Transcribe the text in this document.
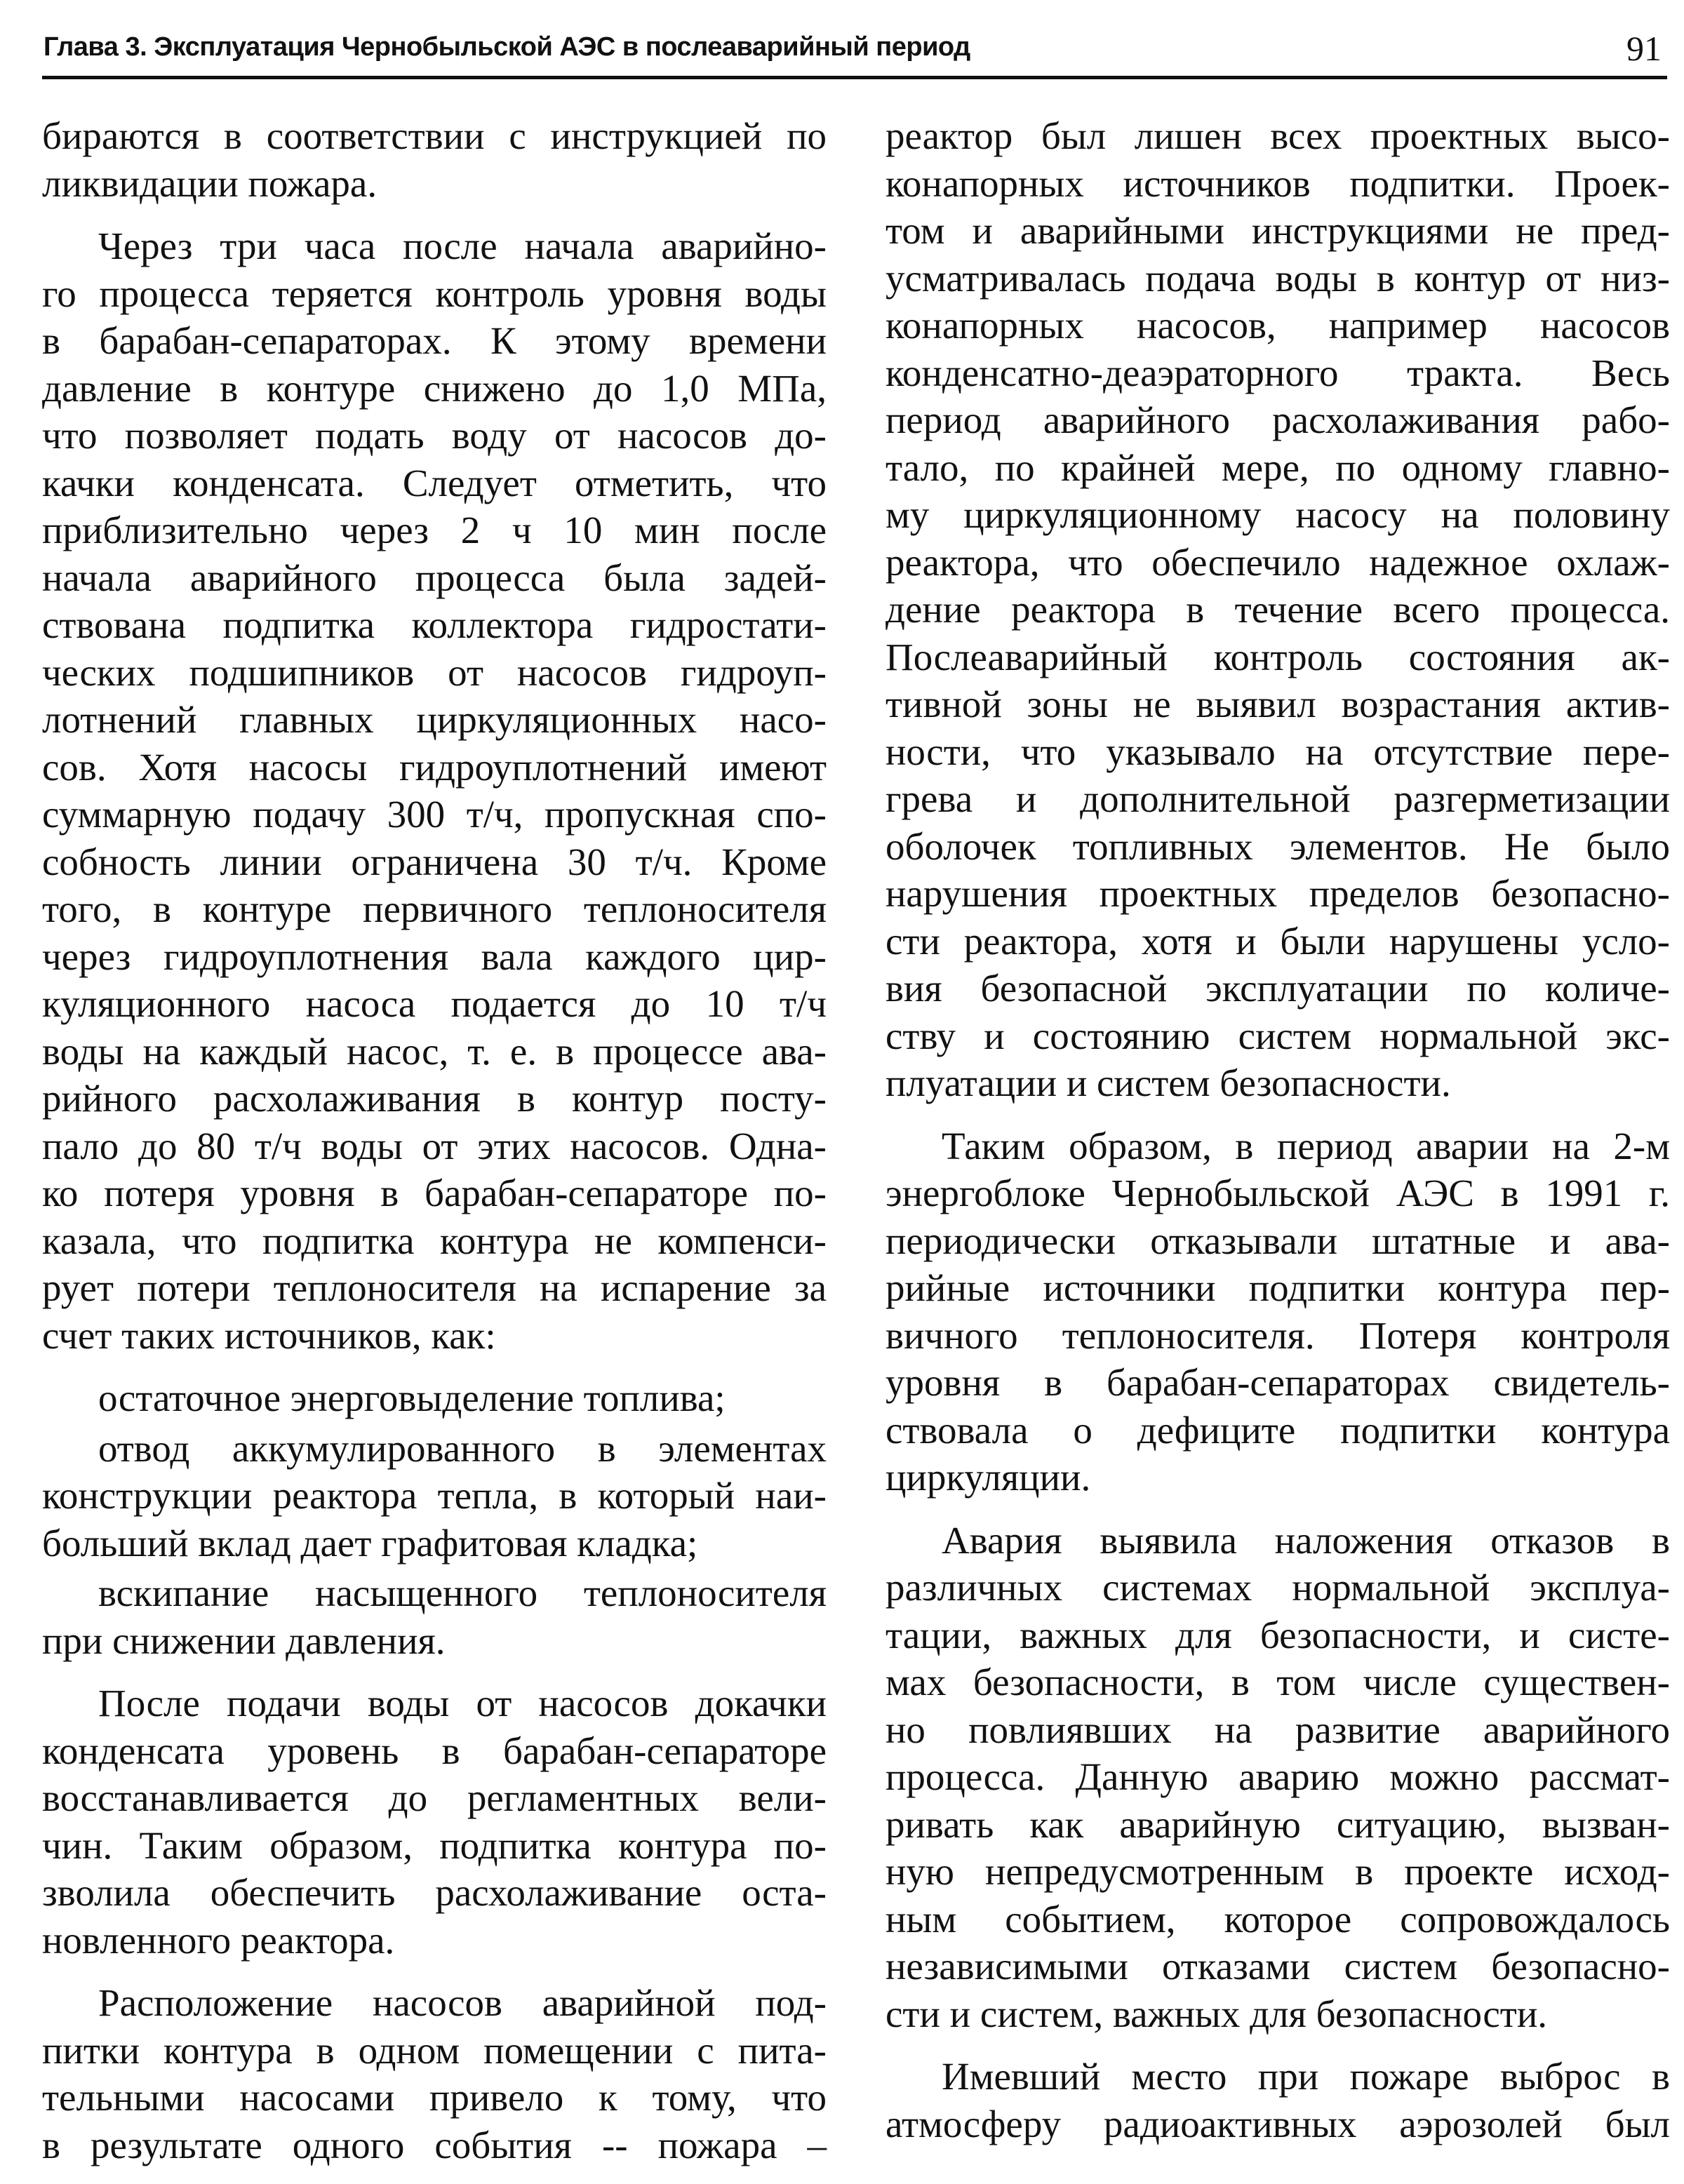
Глава 3. Эксплуатация Чернобыльской АЭС в послеаварийный период	91
бираются в соответствии с инструкцией по
ликвидации пожара.
Через три часа после начала аварийно-
го процесса теряется контроль уровня воды
в барабан-сепараторах. К этому времени
давление в контуре снижено до 1,0 МПа,
что позволяет подать воду от насосов до-
качки конденсата. Следует отметить, что
приблизительно через 2 ч 10 мин после
начала аварийного процесса была задей-
ствована подпитка коллектора гидростати-
ческих подшипников от насосов гидроуп-
лотнений главных циркуляционных насо-
сов. Хотя насосы гидроуплотнений имеют
суммарную подачу 300 т/ч, пропускная спо-
собность линии ограничена 30 т/ч. Кроме
того, в контуре первичного теплоносителя
через гидроуплотнения вала каждого цир-
куляционного насоса подается до 10 т/ч
воды на каждый насос, т. е. в процессе ава-
рийного расхолаживания в контур посту-
пало до 80 т/ч воды от этих насосов. Одна-
ко потеря уровня в барабан-сепараторе по-
казала, что подпитка контура не компенси-
рует потери теплоносителя на испарение за
счет таких источников, как:
остаточное энерговыделение топлива;
отвод аккумулированного в элементах
конструкции реактора тепла, в который наи-
больший вклад дает графитовая кладка;
вскипание насыщенного теплоносителя
при снижении давления.
После подачи воды от насосов докачки
конденсата уровень в барабан-сепараторе
восстанавливается до регламентных вели-
чин. Таким образом, подпитка контура по-
зволила обеспечить расхолаживание оста-
новленного реактора.
Расположение насосов аварийной под-
питки контура в одном помещении с пита-
тельными насосами привело к тому, что
в результате одного события -- пожара –
реактор был лишен всех проектных высо-
конапорных источников подпитки. Проек-
том и аварийными инструкциями не пред-
усматривалась подача воды в контур от низ-
конапорных насосов, например насосов
конденсатно-деаэраторного тракта. Весь
период аварийного расхолаживания рабо-
тало, по крайней мере, по одному главно-
му циркуляционному насосу на половину
реактора, что обеспечило надежное охлаж-
дение реактора в течение всего процесса.
Послеаварийный контроль состояния ак-
тивной зоны не выявил возрастания актив-
ности, что указывало на отсутствие пере-
грева и дополнительной разгерметизации
оболочек топливных элементов. Не было
нарушения проектных пределов безопасно-
сти реактора, хотя и были нарушены усло-
вия безопасной эксплуатации по количе-
ству и состоянию систем нормальной экс-
плуатации и систем безопасности.
Таким образом, в период аварии на 2-м
энергоблоке Чернобыльской АЭС в 1991 г.
периодически отказывали штатные и ава-
рийные источники подпитки контура пер-
вичного теплоносителя. Потеря контроля
уровня в барабан-сепараторах свидетель-
ствовала о дефиците подпитки контура
циркуляции.
Авария выявила наложения отказов в
различных системах нормальной эксплуа-
тации, важных для безопасности, и систе-
мах безопасности, в том числе существен-
но повлиявших на развитие аварийного
процесса. Данную аварию можно рассмат-
ривать как аварийную ситуацию, вызван-
ную непредусмотренным в проекте исход-
ным событием, которое сопровождалось
независимыми отказами систем безопасно-
сти и систем, важных для безопасности.
Имевший место при пожаре выброс в
атмосферу радиоактивных аэрозолей был
